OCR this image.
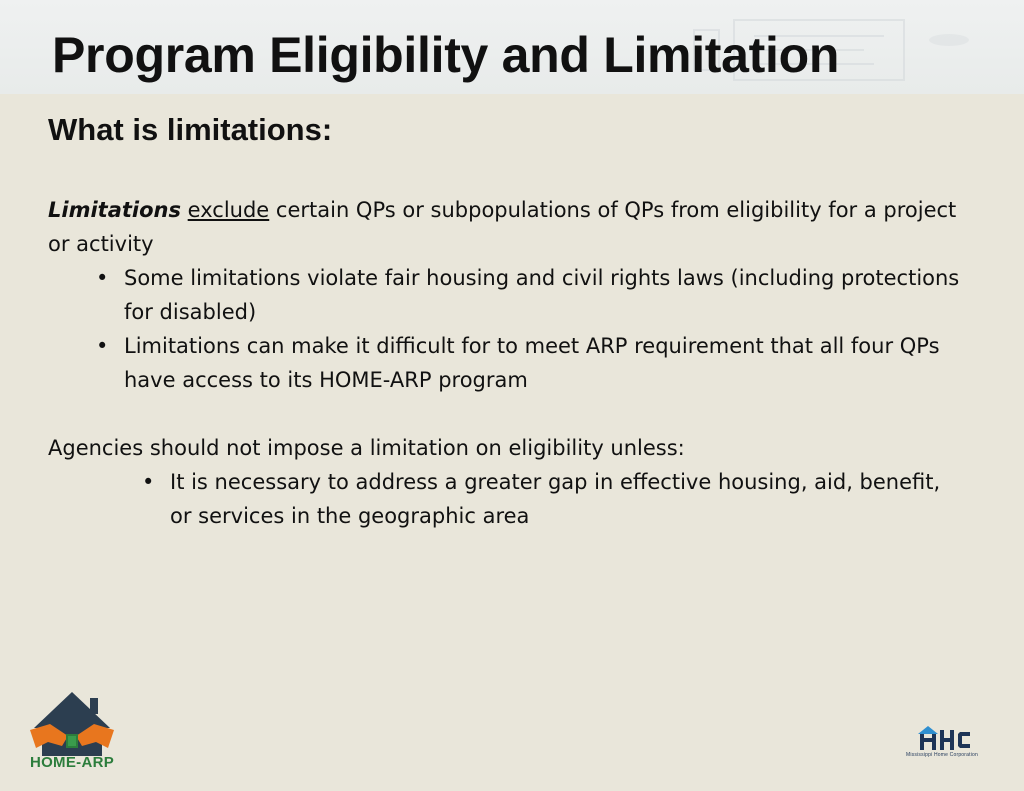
Program Eligibility and Limitation
What is limitations:

Limitations exclude certain QPs or subpopulations of QPs from eligibility for a project or activity

• Some limitations violate fair housing and civil rights laws (including protections for disabled)
• Limitations can make it difficult for to meet ARP requirement that all four QPs have access to its HOME-ARP program

Agencies should not impose a limitation on eligibility unless:

• It is necessary to address a greater gap in effective housing, aid, benefit, or services in the geographic area
HOME-ARP	Mississippi Home Corporation
